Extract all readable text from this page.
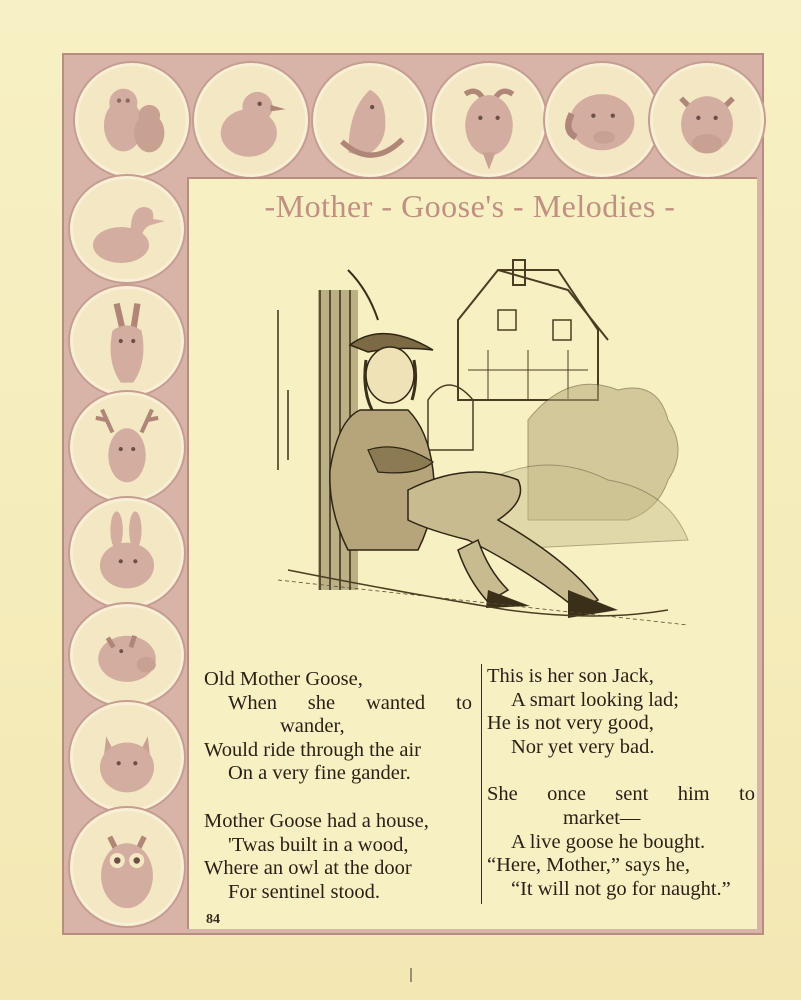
-Mother - Goose's - Melodies -
Old Mother Goose,
When she wanted to
wander,
Would ride through the air
On a very fine gander.
Mother Goose had a house,
'Twas built in a wood,
Where an owl at the door
For sentinel stood.
This is her son Jack,
A smart looking lad;
He is not very good,
Nor yet very bad.
She once sent him to
market—
A live goose he bought.
“Here, Mother,” says he,
“It will not go for naught.”
84
